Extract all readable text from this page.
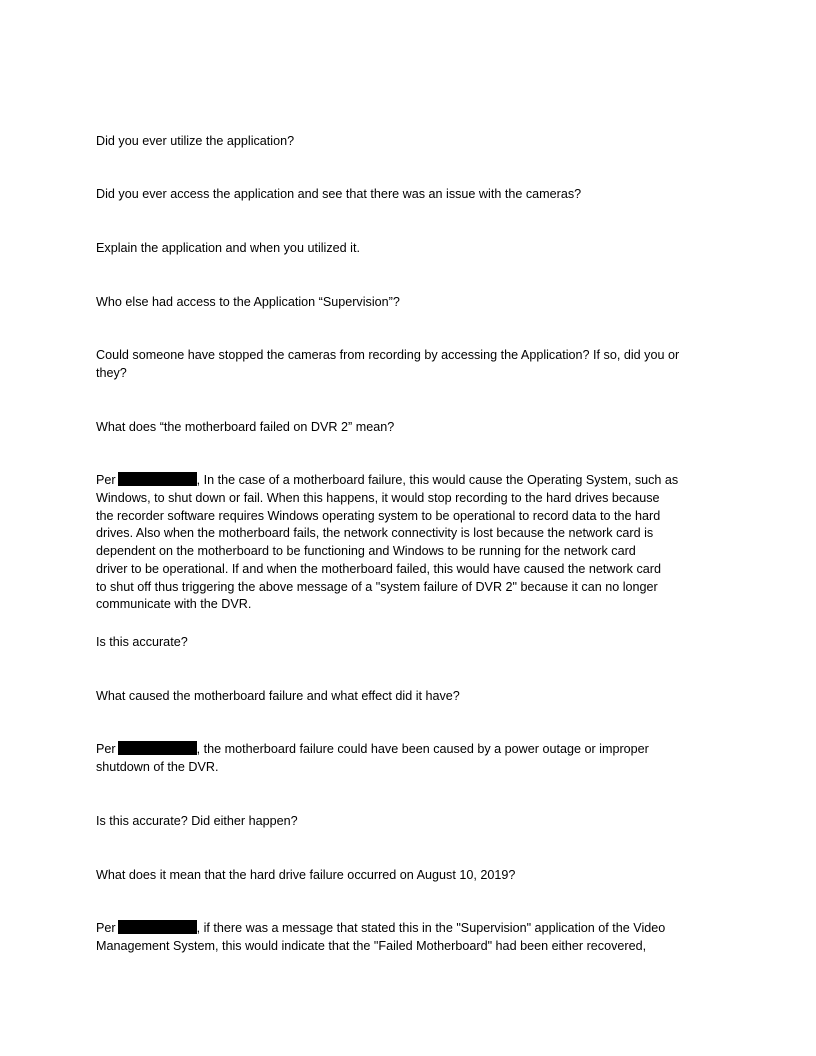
Did you ever utilize the application?

Did you ever access the application and see that there was an issue with the cameras?

Explain the application and when you utilized it.

Who else had access to the Application “Supervision”?

Could someone have stopped the cameras from recording by accessing the Application? If so, did you or
they?

What does “the motherboard failed on DVR 2” mean?

Per	, In the case of a motherboard failure, this would cause the Operating System, such as
Windows, to shut down or fail. When this happens, it would stop recording to the hard drives because
the recorder software requires Windows operating system to be operational to record data to the hard
drives. Also when the motherboard fails, the network connectivity is lost because the network card is
dependent on the motherboard to be functioning and Windows to be running for the network card
driver to be operational. If and when the motherboard failed, this would have caused the network card
to shut off thus triggering the above message of a "system failure of DVR 2" because it can no longer
communicate with the DVR.

Is this accurate?

What caused the motherboard failure and what effect did it have?

Per	, the motherboard failure could have been caused by a power outage or improper
shutdown of the DVR.

Is this accurate? Did either happen?

What does it mean that the hard drive failure occurred on August 10, 2019?

Per	, if there was a message that stated this in the "Supervision" application of the Video
Management System, this would indicate that the "Failed Motherboard" had been either recovered,
